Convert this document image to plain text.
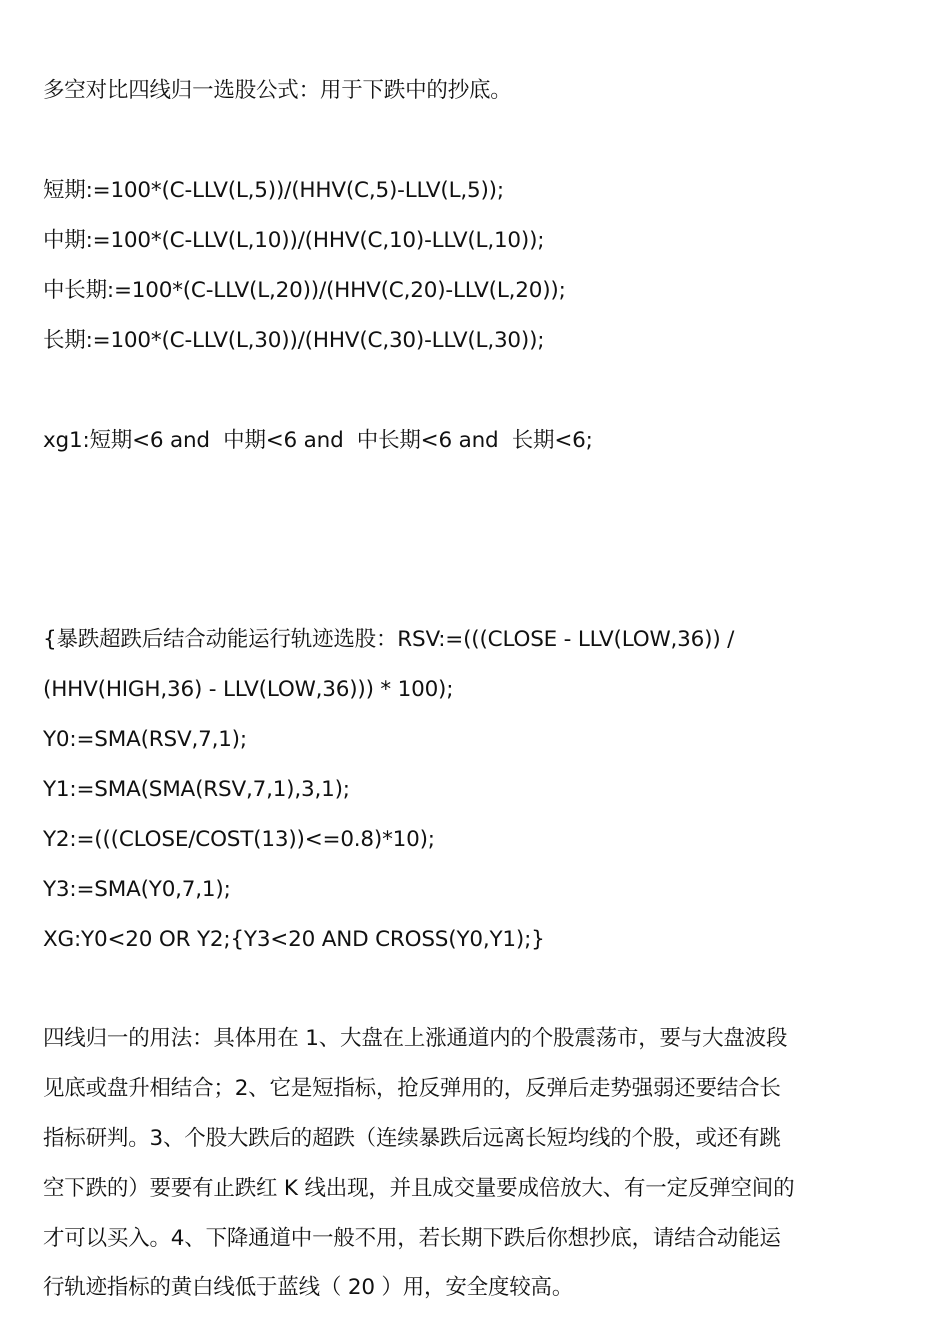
多空对比四线归一选股公式：用于下跌中的抄底。
短期:=100*(C-LLV(L,5))/(HHV(C,5)-LLV(L,5));
中期:=100*(C-LLV(L,10))/(HHV(C,10)-LLV(L,10));
中长期:=100*(C-LLV(L,20))/(HHV(C,20)-LLV(L,20));
长期:=100*(C-LLV(L,30))/(HHV(C,30)-LLV(L,30));
xg1:短期<6 and  中期<6 and  中长期<6 and  长期<6;
{暴跌超跌后结合动能运行轨迹选股：RSV:=(((CLOSE - LLV(LOW,36)) /
(HHV(HIGH,36) - LLV(LOW,36))) * 100);
Y0:=SMA(RSV,7,1);
Y1:=SMA(SMA(RSV,7,1),3,1);
Y2:=(((CLOSE/COST(13))<=0.8)*10);
Y3:=SMA(Y0,7,1);
XG:Y0<20 OR Y2;{Y3<20 AND CROSS(Y0,Y1);}
四线归一的用法：具体用在 1、大盘在上涨通道内的个股震荡市，要与大盘波段
见底或盘升相结合；2、它是短指标，抢反弹用的，反弹后走势强弱还要结合长
指标研判。3、个股大跌后的超跌（连续暴跌后远离长短均线的个股，或还有跳
空下跌的）要要有止跌红 K 线出现，并且成交量要成倍放大、有一定反弹空间的
才可以买入。4、下降通道中一般不用，若长期下跌后你想抄底，请结合动能运
行轨迹指标的黄白线低于蓝线（ 20 ）用，安全度较高。
